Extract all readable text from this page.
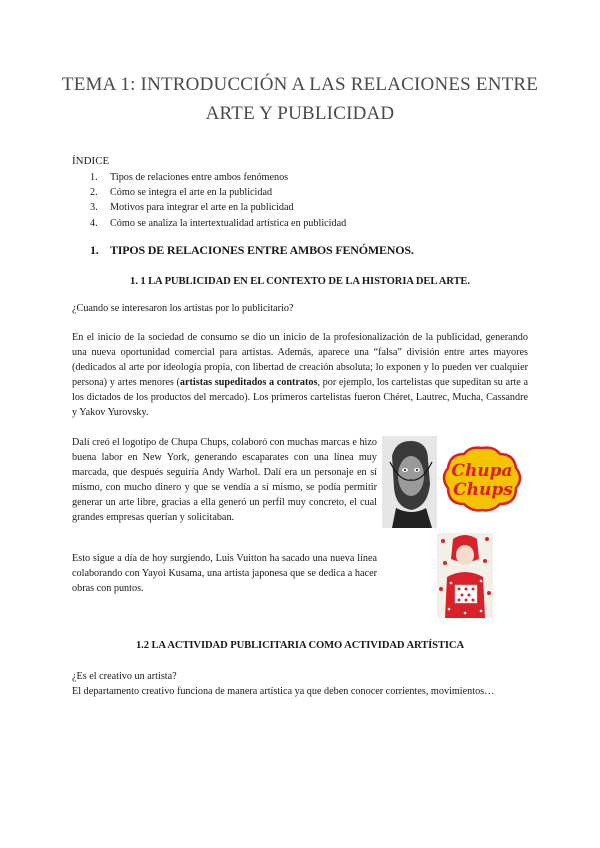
TEMA 1: INTRODUCCIÓN A LAS RELACIONES ENTRE
ARTE Y PUBLICIDAD
ÍNDICE
1.	Tipos de relaciones entre ambos fenómenos
2.	Cómo se integra el arte en la publicidad
3.	Motivos para integrar el arte en la publicidad
4.	Cómo se analiza la intertextualidad artística en publicidad
1. TIPOS DE RELACIONES ENTRE AMBOS FENÓMENOS.
1. 1 LA PUBLICIDAD EN EL CONTEXTO DE LA HISTORIA DEL ARTE.

¿Cuando se interesaron los artistas por lo publicitario?

En el inicio de la sociedad de consumo se dio un inicio de la profesionalización de la publicidad, generando una nueva oportunidad comercial para artistas. Además, aparece una “falsa” división entre artes mayores (dedicados al arte por ideología propia, con libertad de creación absoluta; lo exponen y lo pueden ver cualquier persona) y artes menores (artistas supeditados a contratos, por ejemplo, los cartelistas que supeditan su arte a los dictados de los productos del mercado). Los primeros cartelistas fueron Chéret, Lautrec, Mucha, Cassandre y Yakov Yurovsky.

Dalí creó el logotipo de Chupa Chups, colaboró con muchas marcas e hizo buena labor en New York, generando escaparates con una línea muy marcada, que después seguiría Andy Warhol. Dalí era un personaje en sí mismo, con mucho dinero y que se vendía a sí mismo, se podía permitir generar un arte libre, gracias a ella generó un perfil muy concreto, el cual grandes empresas querían y solicitaban.

Chupa
Chups

Esto sigue a día de hoy surgiendo, Luis Vuitton ha sacado una nueva línea colaborando con Yayoi Kusama, una artista japonesa que se dedica a hacer obras con puntos.

1.2 LA ACTIVIDAD PUBLICITARIA COMO ACTIVIDAD ARTÍSTICA

¿Es el creativo un artista?

El departamento creativo funciona de manera artística ya que deben conocer corrientes, movimientos…
